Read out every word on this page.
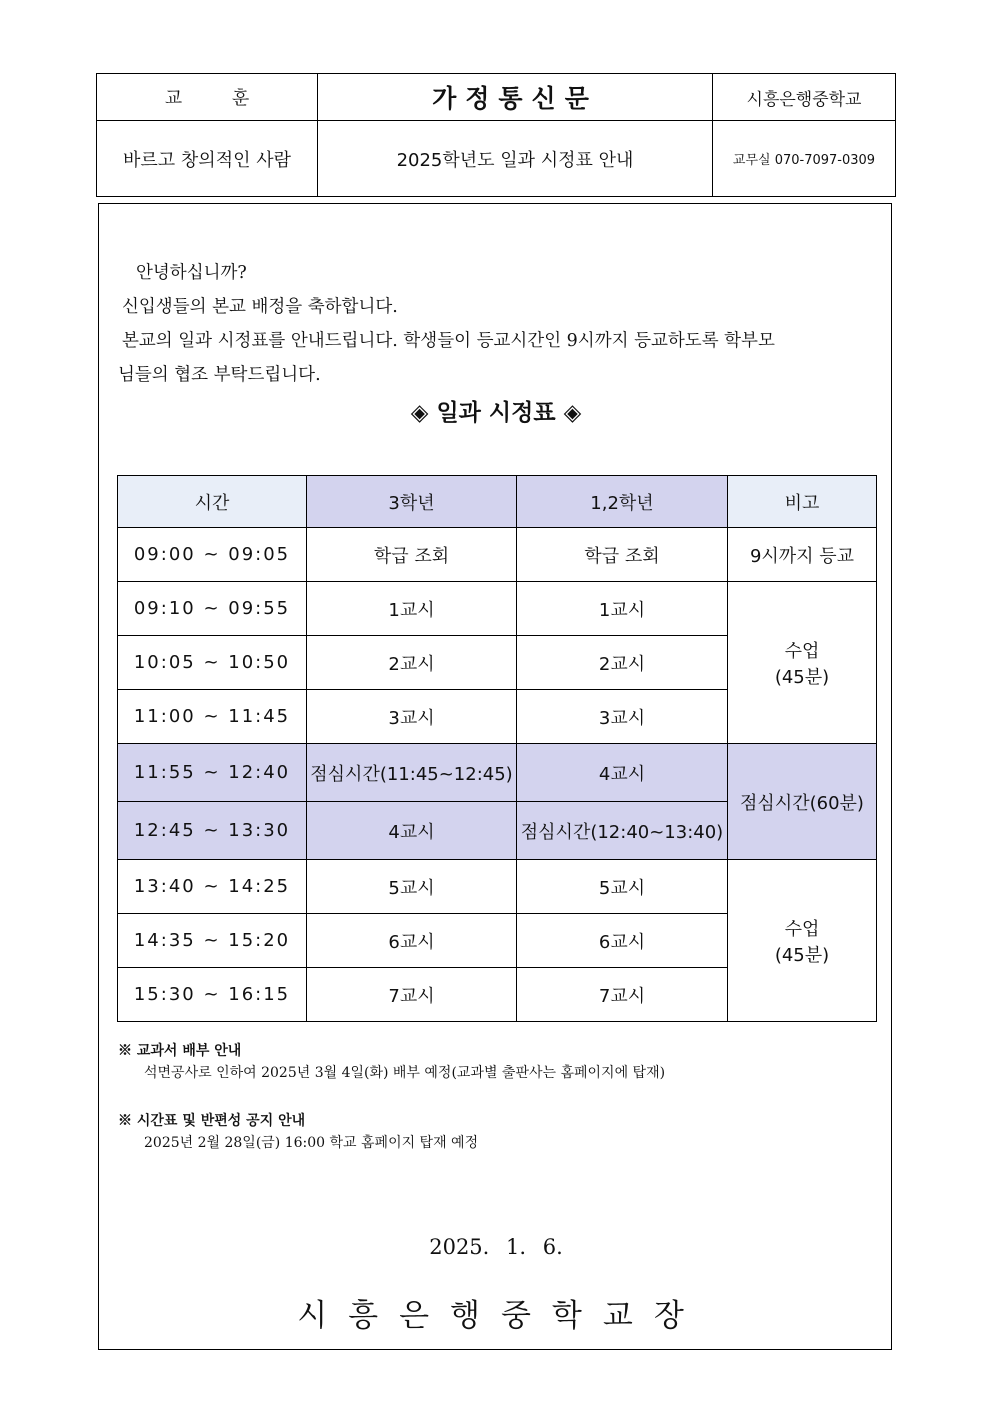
교 훈	가정통신문	시흥은행중학교
바르고 창의적인 사람	2025학년도 일과 시정표 안내	교무실 070-7097-0309

안녕하십니까?

신입생들의 본교 배정을 축하합니다.

본교의 일과 시정표를 안내드립니다. 학생들이 등교시간인 9시까지 등교하도록 학부모

님들의 협조 부탁드립니다.

◈ 일과 시정표 ◈
시간	3학년	1,2학년	비고
09:00 ~ 09:05	학급 조회	학급 조회	9시까지 등교
09:10 ~ 09:55	1교시	1교시	수업
(45분)
10:05 ~ 10:50	2교시	2교시	
11:00 ~ 11:45	3교시	3교시	
11:55 ~ 12:40	점심시간(11:45~12:45)	4교시	점심시간(60분)
12:45 ~ 13:30	4교시	점심시간(12:40~13:40)	
13:40 ~ 14:25	5교시	5교시	수업
(45분)
14:35 ~ 15:20	6교시	6교시	
15:30 ~ 16:15	7교시	7교시	
※ 교과서 배부 안내
석면공사로 인하여 2025년 3월 4일(화) 배부 예정(교과별 출판사는 홈페이지에 탑재)
※ 시간표 및 반편성 공지 안내
2025년 2월 28일(금) 16:00 학교 홈페이지 탑재 예정
2025. 1. 6.
시흥은행중학교장
